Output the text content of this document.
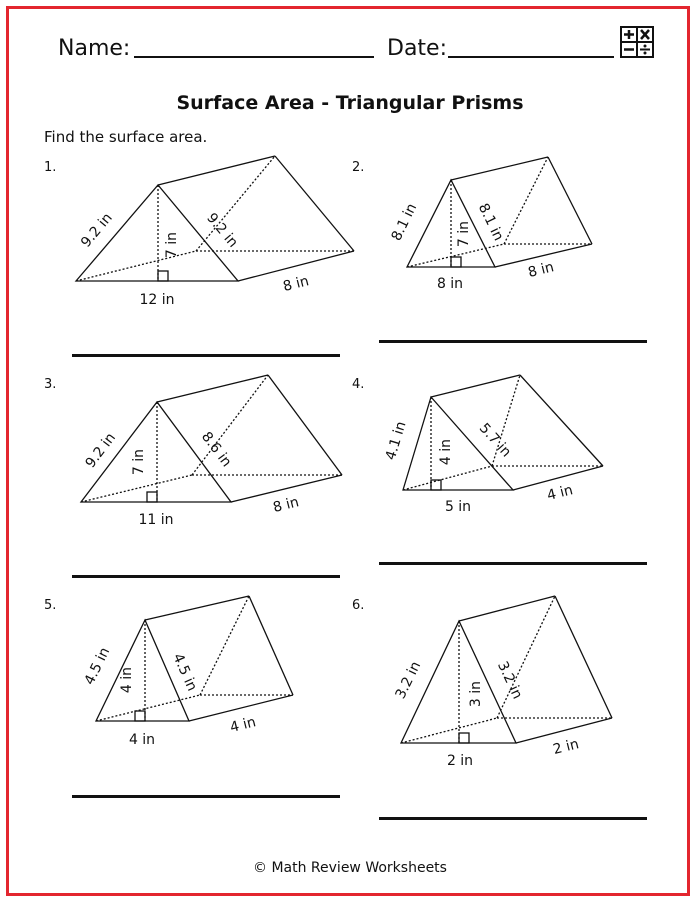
Name:	Date:
Surface Area - Triangular Prisms
Find the surface area.
1.	2.
3.	4.
5.	6.
9.2 in	9.2 in
7 in
12 in
8 in
8.1 in	8.1 in
7 in
8 in
8 in
9.2 in	8.6 in
7 in
11 in
8 in
4.1 in	5.7 in
4 in
5 in
4 in
4.5 in	4.5 in
4 in
4 in
4 in
3.2 in	3.2 in
3 in
2 in
2 in
© Math Review Worksheets
